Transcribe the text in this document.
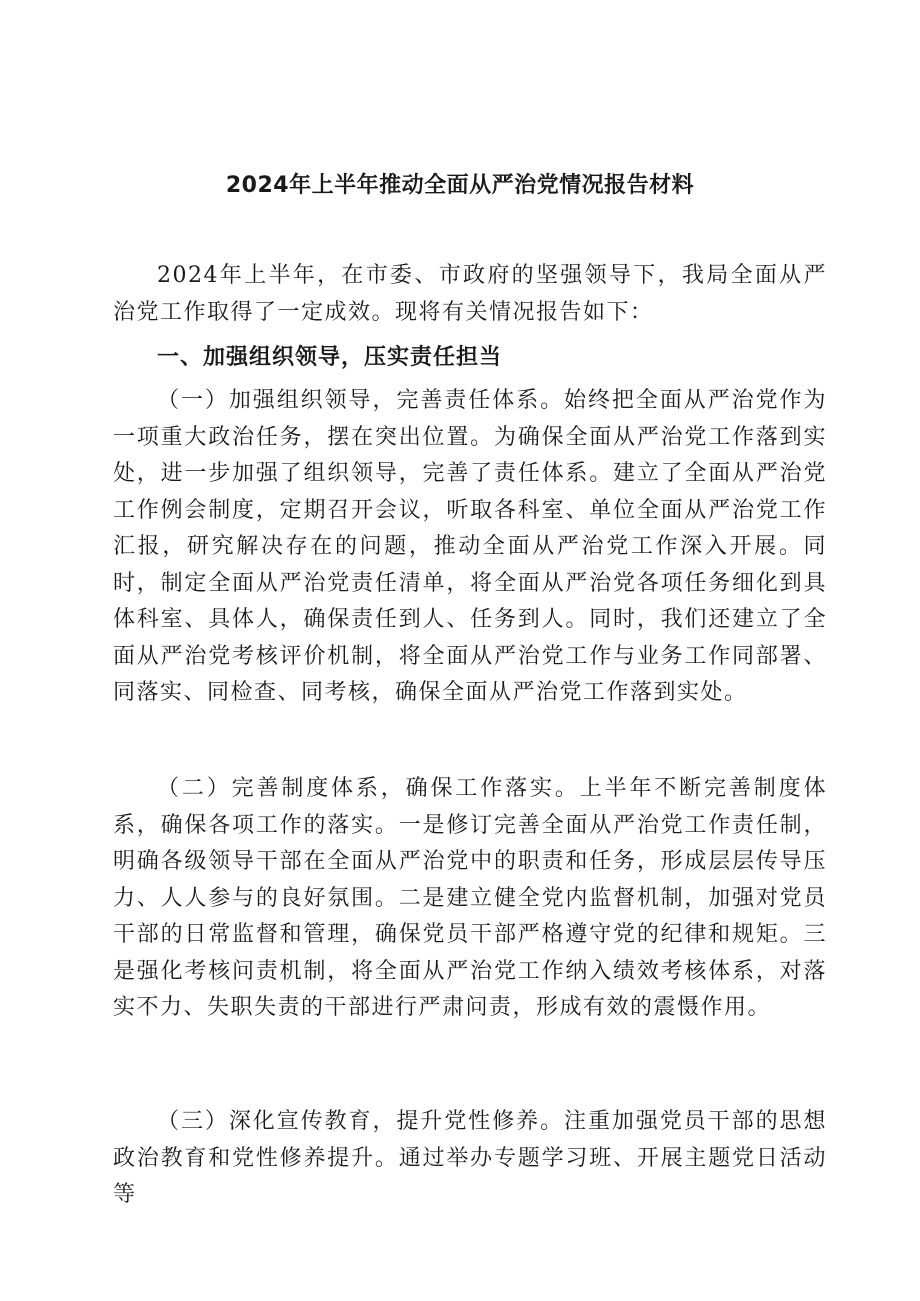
2024年上半年推动全面从严治党情况报告材料

2024年上半年，在市委、市政府的坚强领导下，我局全面从严治党工作取得了一定成效。现将有关情况报告如下：

一、加强组织领导，压实责任担当

（一）加强组织领导，完善责任体系。始终把全面从严治党作为一项重大政治任务，摆在突出位置。为确保全面从严治党工作落到实处，进一步加强了组织领导，完善了责任体系。建立了全面从严治党工作例会制度，定期召开会议，听取各科室、单位全面从严治党工作汇报，研究解决存在的问题，推动全面从严治党工作深入开展。同时，制定全面从严治党责任清单，将全面从严治党各项任务细化到具体科室、具体人，确保责任到人、任务到人。同时，我们还建立了全面从严治党考核评价机制，将全面从严治党工作与业务工作同部署、同落实、同检查、同考核，确保全面从严治党工作落到实处。

（二）完善制度体系，确保工作落实。上半年不断完善制度体系，确保各项工作的落实。一是修订完善全面从严治党工作责任制，明确各级领导干部在全面从严治党中的职责和任务，形成层层传导压力、人人参与的良好氛围。二是建立健全党内监督机制，加强对党员干部的日常监督和管理，确保党员干部严格遵守党的纪律和规矩。三是强化考核问责机制，将全面从严治党工作纳入绩效考核体系，对落实不力、失职失责的干部进行严肃问责，形成有效的震慑作用。

（三）深化宣传教育，提升党性修养。注重加强党员干部的思想政治教育和党性修养提升。通过举办专题学习班、开展主题党日活动等
